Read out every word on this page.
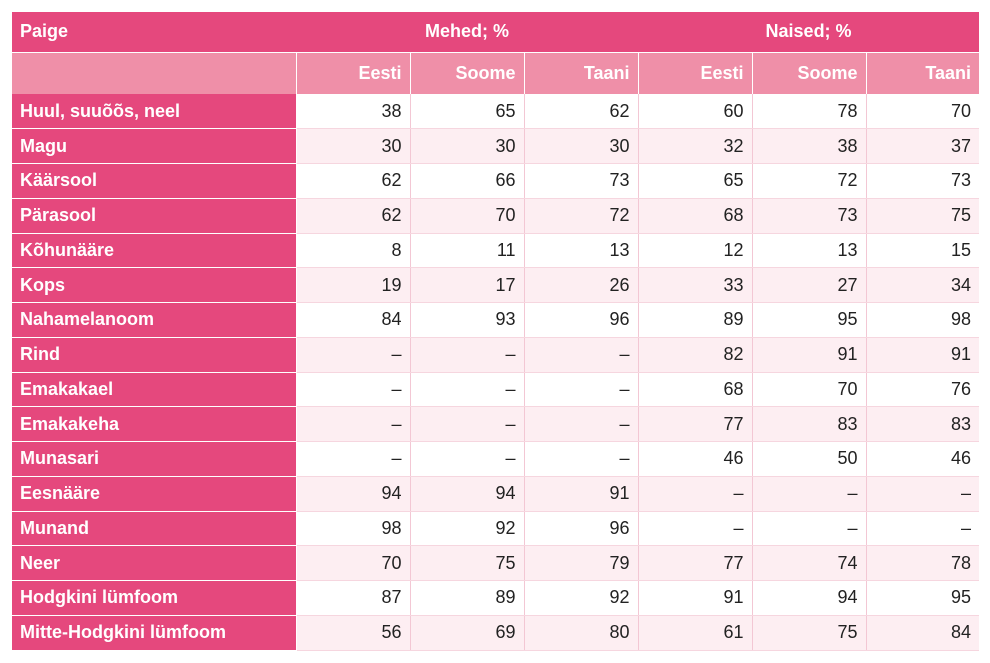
Paige	Mehed; %			Naised; %		
	Eesti	Soome	Taani	Eesti	Soome	Taani
Huul, suuõõs, neel	38	65	62	60	78	70
Magu	30	30	30	32	38	37
Käärsool	62	66	73	65	72	73
Pärasool	62	70	72	68	73	75
Kõhunääre	8	11	13	12	13	15
Kops	19	17	26	33	27	34
Nahamelanoom	84	93	96	89	95	98
Rind	–	–	–	82	91	91
Emakakael	–	–	–	68	70	76
Emakakeha	–	–	–	77	83	83
Munasari	–	–	–	46	50	46
Eesnääre	94	94	91	–	–	–
Munand	98	92	96	–	–	–
Neer	70	75	79	77	74	78
Hodgkini lümfoom	87	89	92	91	94	95
Mitte-Hodgkini lümfoom	56	69	80	61	75	84
